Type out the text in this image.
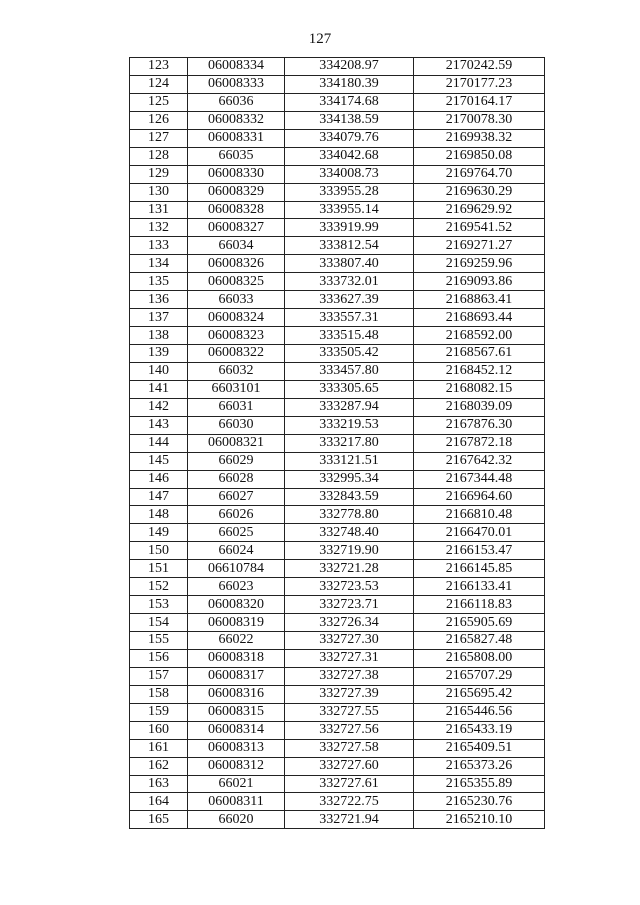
127
123	06008334	334208.97	2170242.59
124	06008333	334180.39	2170177.23
125	66036	334174.68	2170164.17
126	06008332	334138.59	2170078.30
127	06008331	334079.76	2169938.32
128	66035	334042.68	2169850.08
129	06008330	334008.73	2169764.70
130	06008329	333955.28	2169630.29
131	06008328	333955.14	2169629.92
132	06008327	333919.99	2169541.52
133	66034	333812.54	2169271.27
134	06008326	333807.40	2169259.96
135	06008325	333732.01	2169093.86
136	66033	333627.39	2168863.41
137	06008324	333557.31	2168693.44
138	06008323	333515.48	2168592.00
139	06008322	333505.42	2168567.61
140	66032	333457.80	2168452.12
141	6603101	333305.65	2168082.15
142	66031	333287.94	2168039.09
143	66030	333219.53	2167876.30
144	06008321	333217.80	2167872.18
145	66029	333121.51	2167642.32
146	66028	332995.34	2167344.48
147	66027	332843.59	2166964.60
148	66026	332778.80	2166810.48
149	66025	332748.40	2166470.01
150	66024	332719.90	2166153.47
151	06610784	332721.28	2166145.85
152	66023	332723.53	2166133.41
153	06008320	332723.71	2166118.83
154	06008319	332726.34	2165905.69
155	66022	332727.30	2165827.48
156	06008318	332727.31	2165808.00
157	06008317	332727.38	2165707.29
158	06008316	332727.39	2165695.42
159	06008315	332727.55	2165446.56
160	06008314	332727.56	2165433.19
161	06008313	332727.58	2165409.51
162	06008312	332727.60	2165373.26
163	66021	332727.61	2165355.89
164	06008311	332722.75	2165230.76
165	66020	332721.94	2165210.10
